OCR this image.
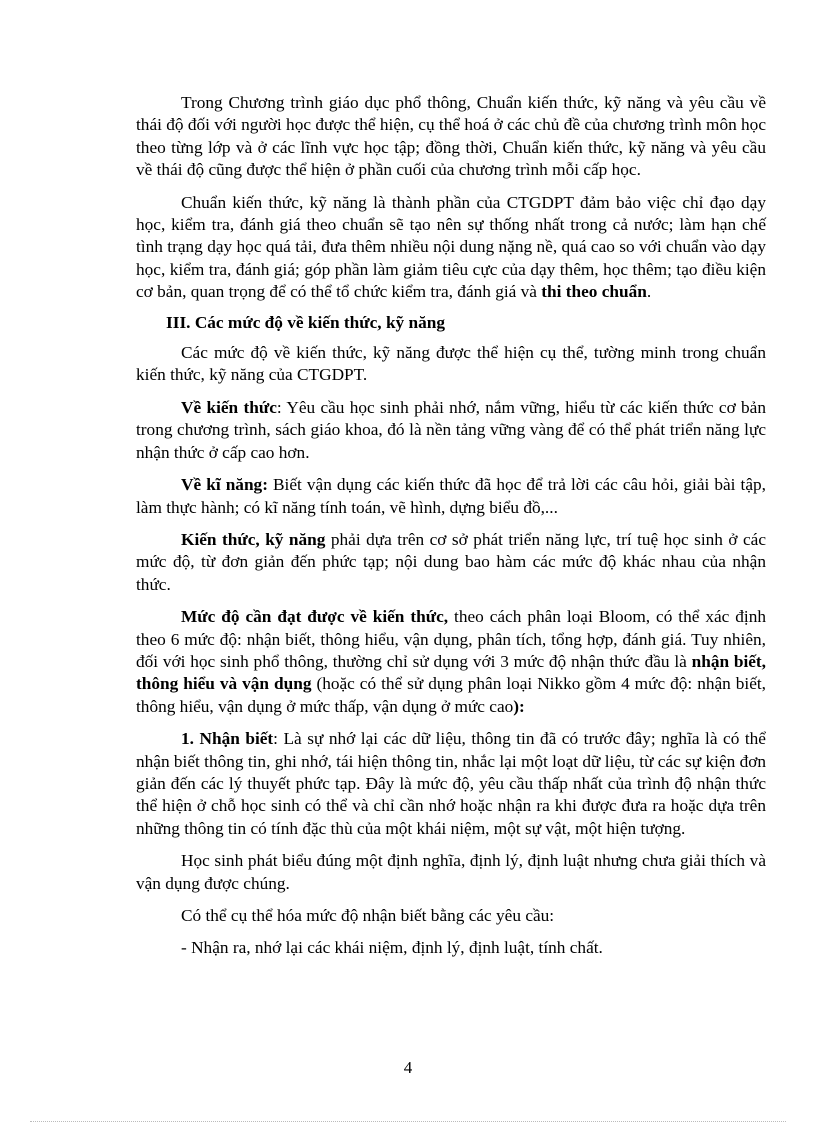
Trong Chương trình giáo dục phổ thông, Chuẩn kiến thức, kỹ năng và yêu cầu về thái độ đối với người học được thể hiện, cụ thể hoá ở các chủ đề của chương trình môn học theo từng lớp và ở các lĩnh vực học tập; đồng thời, Chuẩn kiến thức, kỹ năng và yêu cầu về thái độ cũng được thể hiện ở phần cuối của chương trình mỗi cấp học.

Chuẩn kiến thức, kỹ năng là thành phần của CTGDPT đảm bảo việc chỉ đạo dạy học, kiểm tra, đánh giá theo chuẩn sẽ tạo nên sự thống nhất trong cả nước; làm hạn chế tình trạng dạy học quá tải, đưa thêm nhiều nội dung nặng nề, quá cao so với chuẩn vào dạy học, kiểm tra, đánh giá; góp phần làm giảm tiêu cực của dạy thêm, học thêm; tạo điều kiện cơ bản, quan trọng để có thể tổ chức kiểm tra, đánh giá và thi theo chuẩn.

III. Các mức độ về kiến thức, kỹ năng

Các mức độ về kiến thức, kỹ năng được thể hiện cụ thể, tường minh trong chuẩn kiến thức, kỹ năng của CTGDPT.

Về kiến thức: Yêu cầu học sinh phải nhớ, nắm vững, hiểu từ các kiến thức cơ bản trong chương trình, sách giáo khoa, đó là nền tảng vững vàng để có thể phát triển năng lực nhận thức ở cấp cao hơn.

Về kĩ năng: Biết vận dụng các kiến thức đã học để trả lời các câu hỏi, giải bài tập, làm thực hành; có kĩ năng tính toán, vẽ hình, dựng biểu đồ,...

Kiến thức, kỹ năng phải dựa trên cơ sở phát triển năng lực, trí tuệ học sinh ở các mức độ, từ đơn giản đến phức tạp; nội dung bao hàm các mức độ khác nhau của nhận thức.

Mức độ cần đạt được về kiến thức, theo cách phân loại Bloom, có thể xác định theo 6 mức độ: nhận biết, thông hiểu, vận dụng, phân tích, tổng hợp, đánh giá. Tuy nhiên, đối với học sinh phổ thông, thường chỉ sử dụng với 3 mức độ nhận thức đầu là nhận biết, thông hiểu và vận dụng (hoặc có thể sử dụng phân loại Nikko gồm 4 mức độ: nhận biết, thông hiểu, vận dụng ở mức thấp, vận dụng ở mức cao):

1. Nhận biết: Là sự nhớ lại các dữ liệu, thông tin đã có trước đây; nghĩa là có thể nhận biết thông tin, ghi nhớ, tái hiện thông tin, nhắc lại một loạt dữ liệu, từ các sự kiện đơn giản đến các lý thuyết phức tạp. Đây là mức độ, yêu cầu thấp nhất của trình độ nhận thức thể hiện ở chỗ học sinh có thể và chỉ cần nhớ hoặc nhận ra khi được đưa ra hoặc dựa trên những thông tin có tính đặc thù của một khái niệm, một sự vật, một hiện tượng.

Học sinh phát biểu đúng một định nghĩa, định lý, định luật nhưng chưa giải thích và vận dụng được chúng.

Có thể cụ thể hóa mức độ nhận biết bằng các yêu cầu:

- Nhận ra, nhớ lại các khái niệm, định lý, định luật, tính chất.

4
